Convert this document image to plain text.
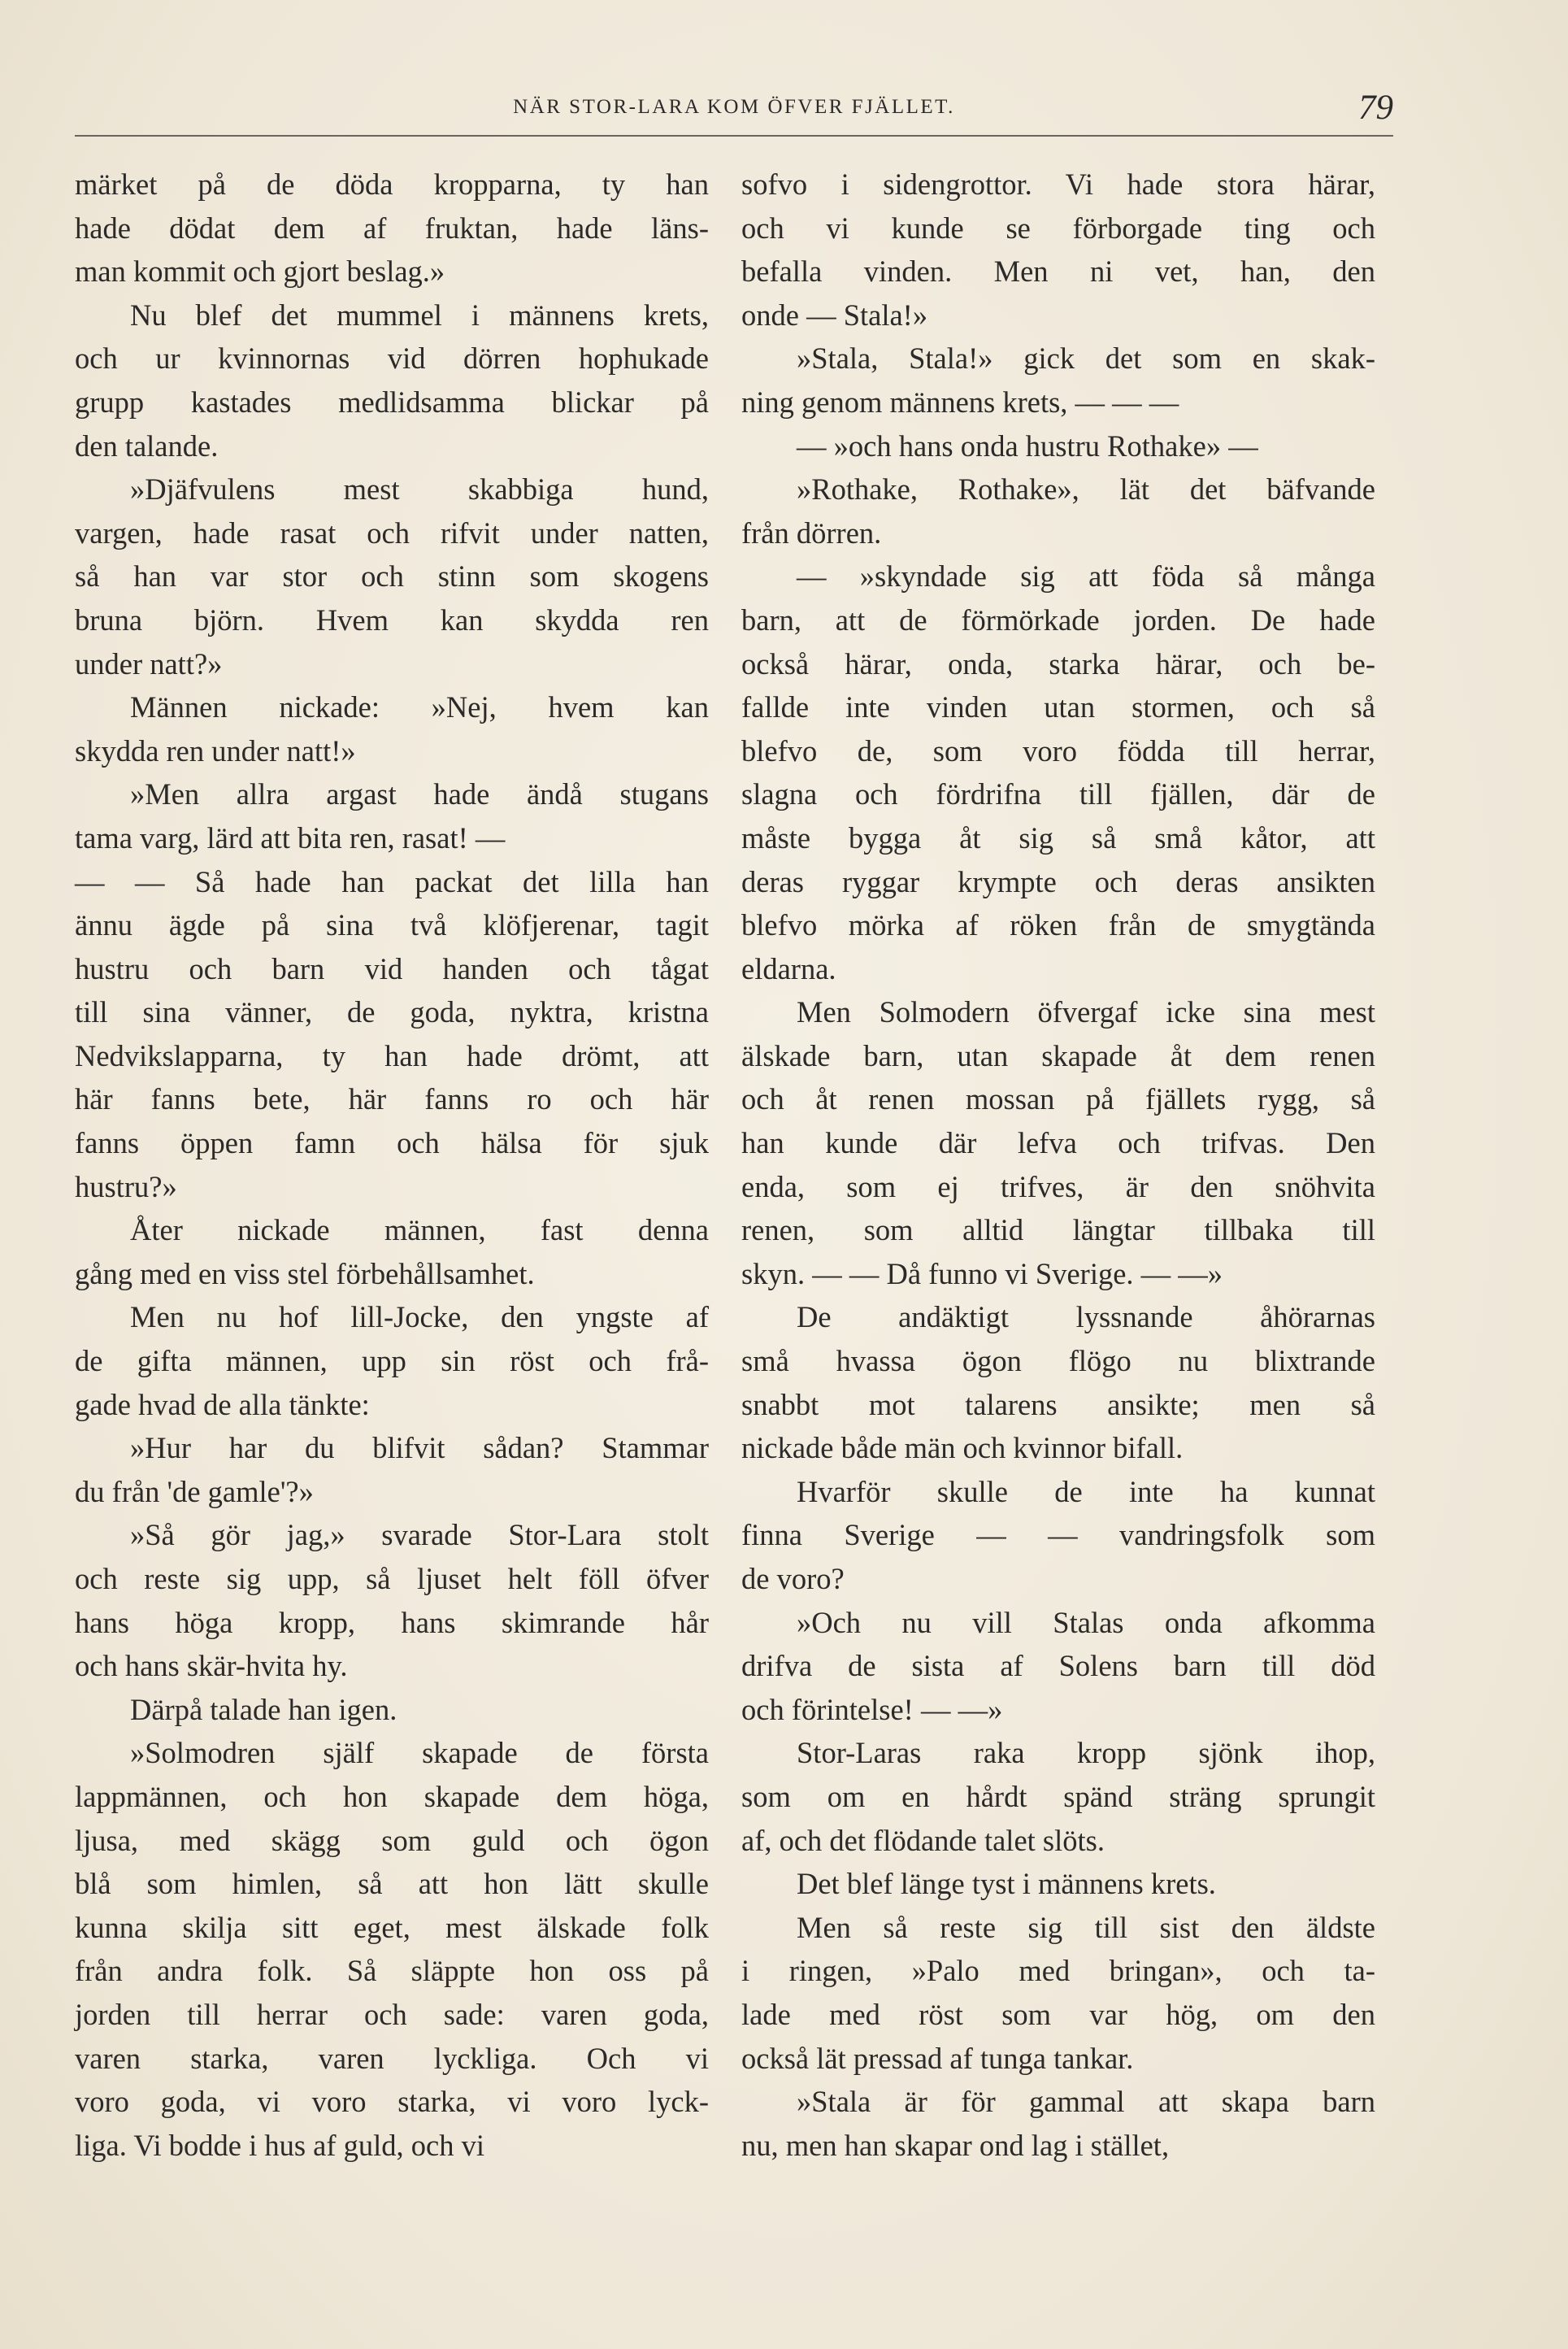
NÄR STOR-LARA KOM ÖFVER FJÄLLET.	79
märket på de döda kropparna, ty han
hade dödat dem af fruktan, hade läns-
man kommit och gjort beslag.»
Nu blef det mummel i männens krets,
och ur kvinnornas vid dörren hophukade
grupp kastades medlidsamma blickar på
den talande.
»Djäfvulens mest skabbiga hund,
vargen, hade rasat och rifvit under natten,
så han var stor och stinn som skogens
bruna björn. Hvem kan skydda ren
under natt?»
Männen nickade: »Nej, hvem kan
skydda ren under natt!»
»Men allra argast hade ändå stugans
tama varg, lärd att bita ren, rasat! —
— — Så hade han packat det lilla han
ännu ägde på sina två klöfjerenar, tagit
hustru och barn vid handen och tågat
till sina vänner, de goda, nyktra, kristna
Nedvikslapparna, ty han hade drömt, att
här fanns bete, här fanns ro och här
fanns öppen famn och hälsa för sjuk
hustru?»
Åter nickade männen, fast denna
gång med en viss stel förbehållsamhet.
Men nu hof lill-Jocke, den yngste af
de gifta männen, upp sin röst och frå-
gade hvad de alla tänkte:
»Hur har du blifvit sådan? Stammar
du från 'de gamle'?»
»Så gör jag,» svarade Stor-Lara stolt
och reste sig upp, så ljuset helt föll öfver
hans höga kropp, hans skimrande hår
och hans skär-hvita hy.
Därpå talade han igen.
»Solmodren själf skapade de första
lappmännen, och hon skapade dem höga,
ljusa, med skägg som guld och ögon
blå som himlen, så att hon lätt skulle
kunna skilja sitt eget, mest älskade folk
från andra folk. Så släppte hon oss på
jorden till herrar och sade: varen goda,
varen starka, varen lyckliga. Och vi
voro goda, vi voro starka, vi voro lyck-
liga. Vi bodde i hus af guld, och vi
sofvo i sidengrottor. Vi hade stora härar,
och vi kunde se förborgade ting och
befalla vinden. Men ni vet, han, den
onde — Stala!»
»Stala, Stala!» gick det som en skak-
ning genom männens krets, — — —
— »och hans onda hustru Rothake» —
»Rothake, Rothake», lät det bäfvande
från dörren.
— »skyndade sig att föda så många
barn, att de förmörkade jorden. De hade
också härar, onda, starka härar, och be-
fallde inte vinden utan stormen, och så
blefvo de, som voro födda till herrar,
slagna och fördrifna till fjällen, där de
måste bygga åt sig så små kåtor, att
deras ryggar krympte och deras ansikten
blefvo mörka af röken från de smygtända
eldarna.
Men Solmodern öfvergaf icke sina mest
älskade barn, utan skapade åt dem renen
och åt renen mossan på fjällets rygg, så
han kunde där lefva och trifvas. Den
enda, som ej trifves, är den snöhvita
renen, som alltid längtar tillbaka till
skyn. — — Då funno vi Sverige. — —»
De andäktigt lyssnande åhörarnas
små hvassa ögon flögo nu blixtrande
snabbt mot talarens ansikte; men så
nickade både män och kvinnor bifall.
Hvarför skulle de inte ha kunnat
finna Sverige — — vandringsfolk som
de voro?
»Och nu vill Stalas onda afkomma
drifva de sista af Solens barn till död
och förintelse! — —»
Stor-Laras raka kropp sjönk ihop,
som om en hårdt spänd sträng sprungit
af, och det flödande talet slöts.
Det blef länge tyst i männens krets.
Men så reste sig till sist den äldste
i ringen, »Palo med bringan», och ta-
lade med röst som var hög, om den
också lät pressad af tunga tankar.
»Stala är för gammal att skapa barn
nu, men han skapar ond lag i stället,
